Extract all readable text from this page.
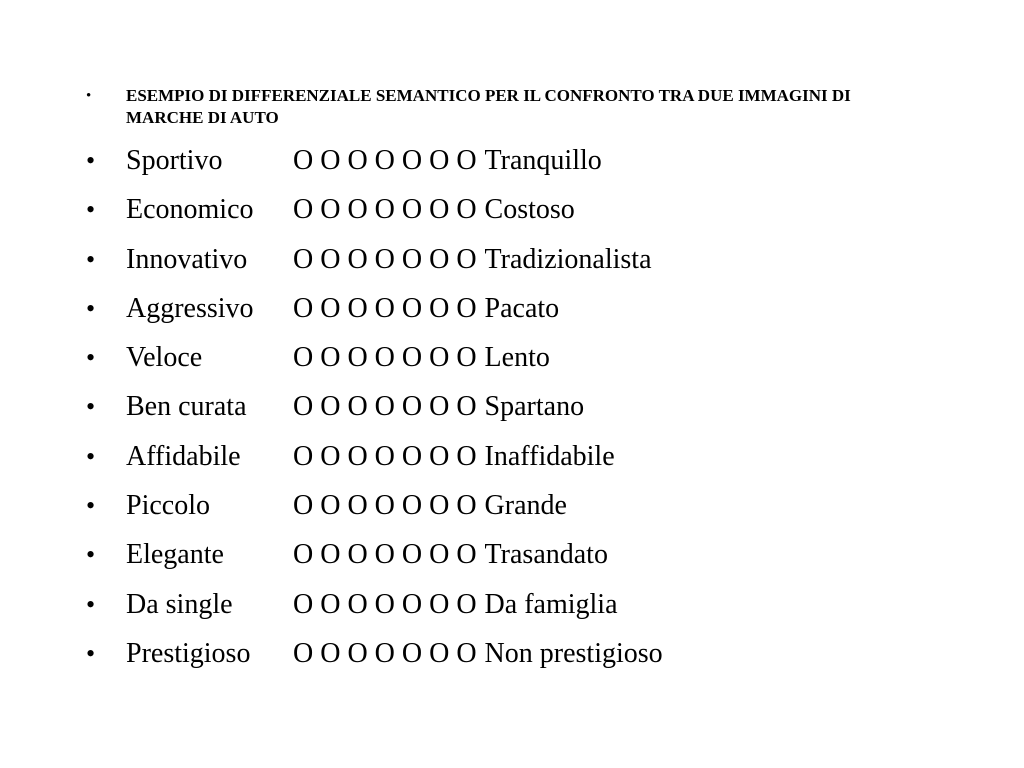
•	ESEMPIO DI DIFFERENZIALE SEMANTICO PER IL CONFRONTO TRA DUE IMMAGINI DI MARCHE DI AUTO
•	Sportivo	O O O O O O O Tranquillo
•	Economico	O O O O O O O Costoso
•	Innovativo	O O O O O O O Tradizionalista
•	Aggressivo	O O O O O O O Pacato
•	Veloce	O O O O O O O Lento
•	Ben curata	O O O O O O O Spartano
•	Affidabile	O O O O O O O Inaffidabile
•	Piccolo	O O O O O O O Grande
•	Elegante	O O O O O O O Trasandato
•	Da single	O O O O O O O Da famiglia
•	Prestigioso	O O O O O O O Non prestigioso
